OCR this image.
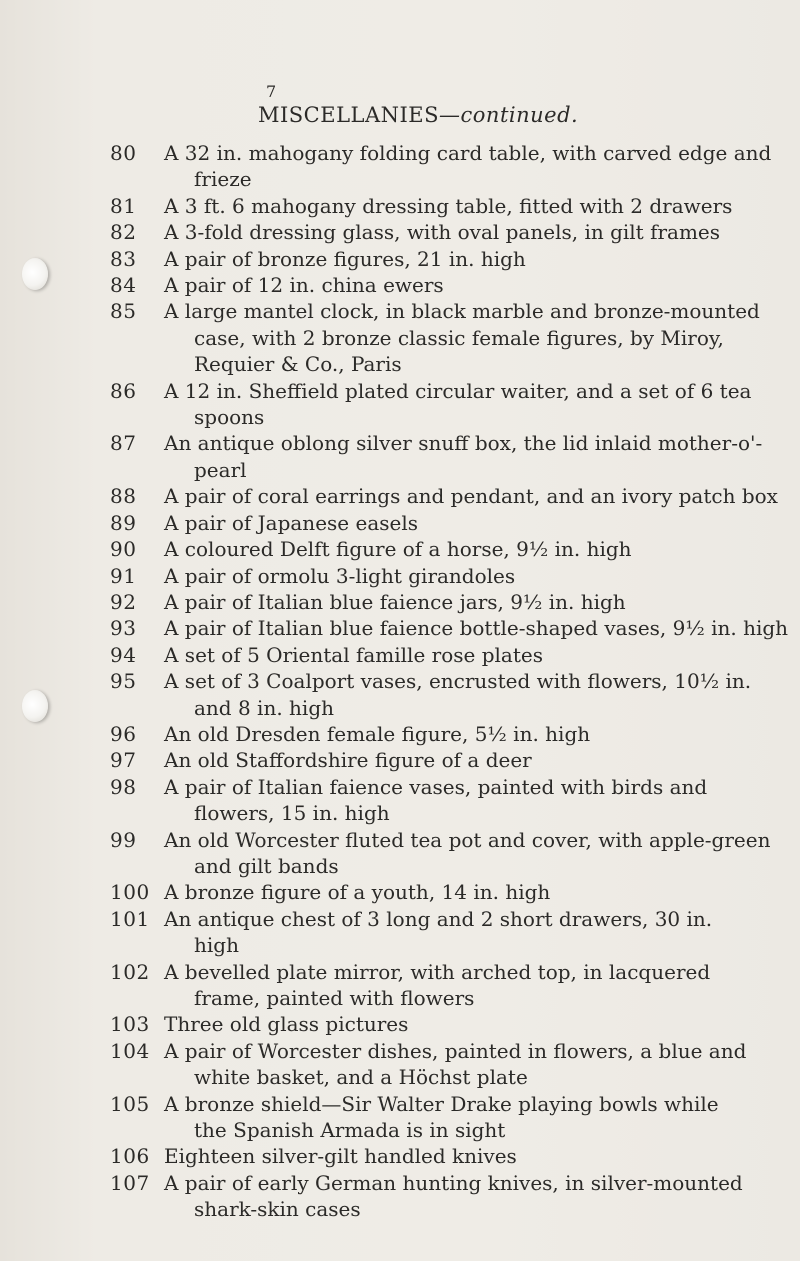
7
MISCELLANIES—continued.
80	A 32 in. mahogany folding card table, with carved edge and
frieze
81	A 3 ft. 6 mahogany dressing table, fitted with 2 drawers
82	A 3-fold dressing glass, with oval panels, in gilt frames
83	A pair of bronze figures, 21 in. high
84	A pair of 12 in. china ewers
85	A large mantel clock, in black marble and bronze-mounted
case, with 2 bronze classic female figures, by Miroy,
Requier & Co., Paris
86	A 12 in. Sheffield plated circular waiter, and a set of 6 tea
spoons
87	An antique oblong silver snuff box, the lid inlaid mother-o'-
pearl
88	A pair of coral earrings and pendant, and an ivory patch box
89	A pair of Japanese easels
90	A coloured Delft figure of a horse, 9½ in. high
91	A pair of ormolu 3-light girandoles
92	A pair of Italian blue faience jars, 9½ in. high
93	A pair of Italian blue faience bottle-shaped vases, 9½ in. high
94	A set of 5 Oriental famille rose plates
95	A set of 3 Coalport vases, encrusted with flowers, 10½ in.
and 8 in. high
96	An old Dresden female figure, 5½ in. high
97	An old Staffordshire figure of a deer
98	A pair of Italian faience vases, painted with birds and
flowers, 15 in. high
99	An old Worcester fluted tea pot and cover, with apple-green
and gilt bands
100 A bronze figure of a youth, 14 in. high
101 An antique chest of 3 long and 2 short drawers, 30 in.
high
102 A bevelled plate mirror, with arched top, in lacquered
frame, painted with flowers
103 Three old glass pictures
104 A pair of Worcester dishes, painted in flowers, a blue and
white basket, and a Höchst plate
105 A bronze shield—Sir Walter Drake playing bowls while
the Spanish Armada is in sight
106 Eighteen silver-gilt handled knives
107 A pair of early German hunting knives, in silver-mounted
shark-skin cases
